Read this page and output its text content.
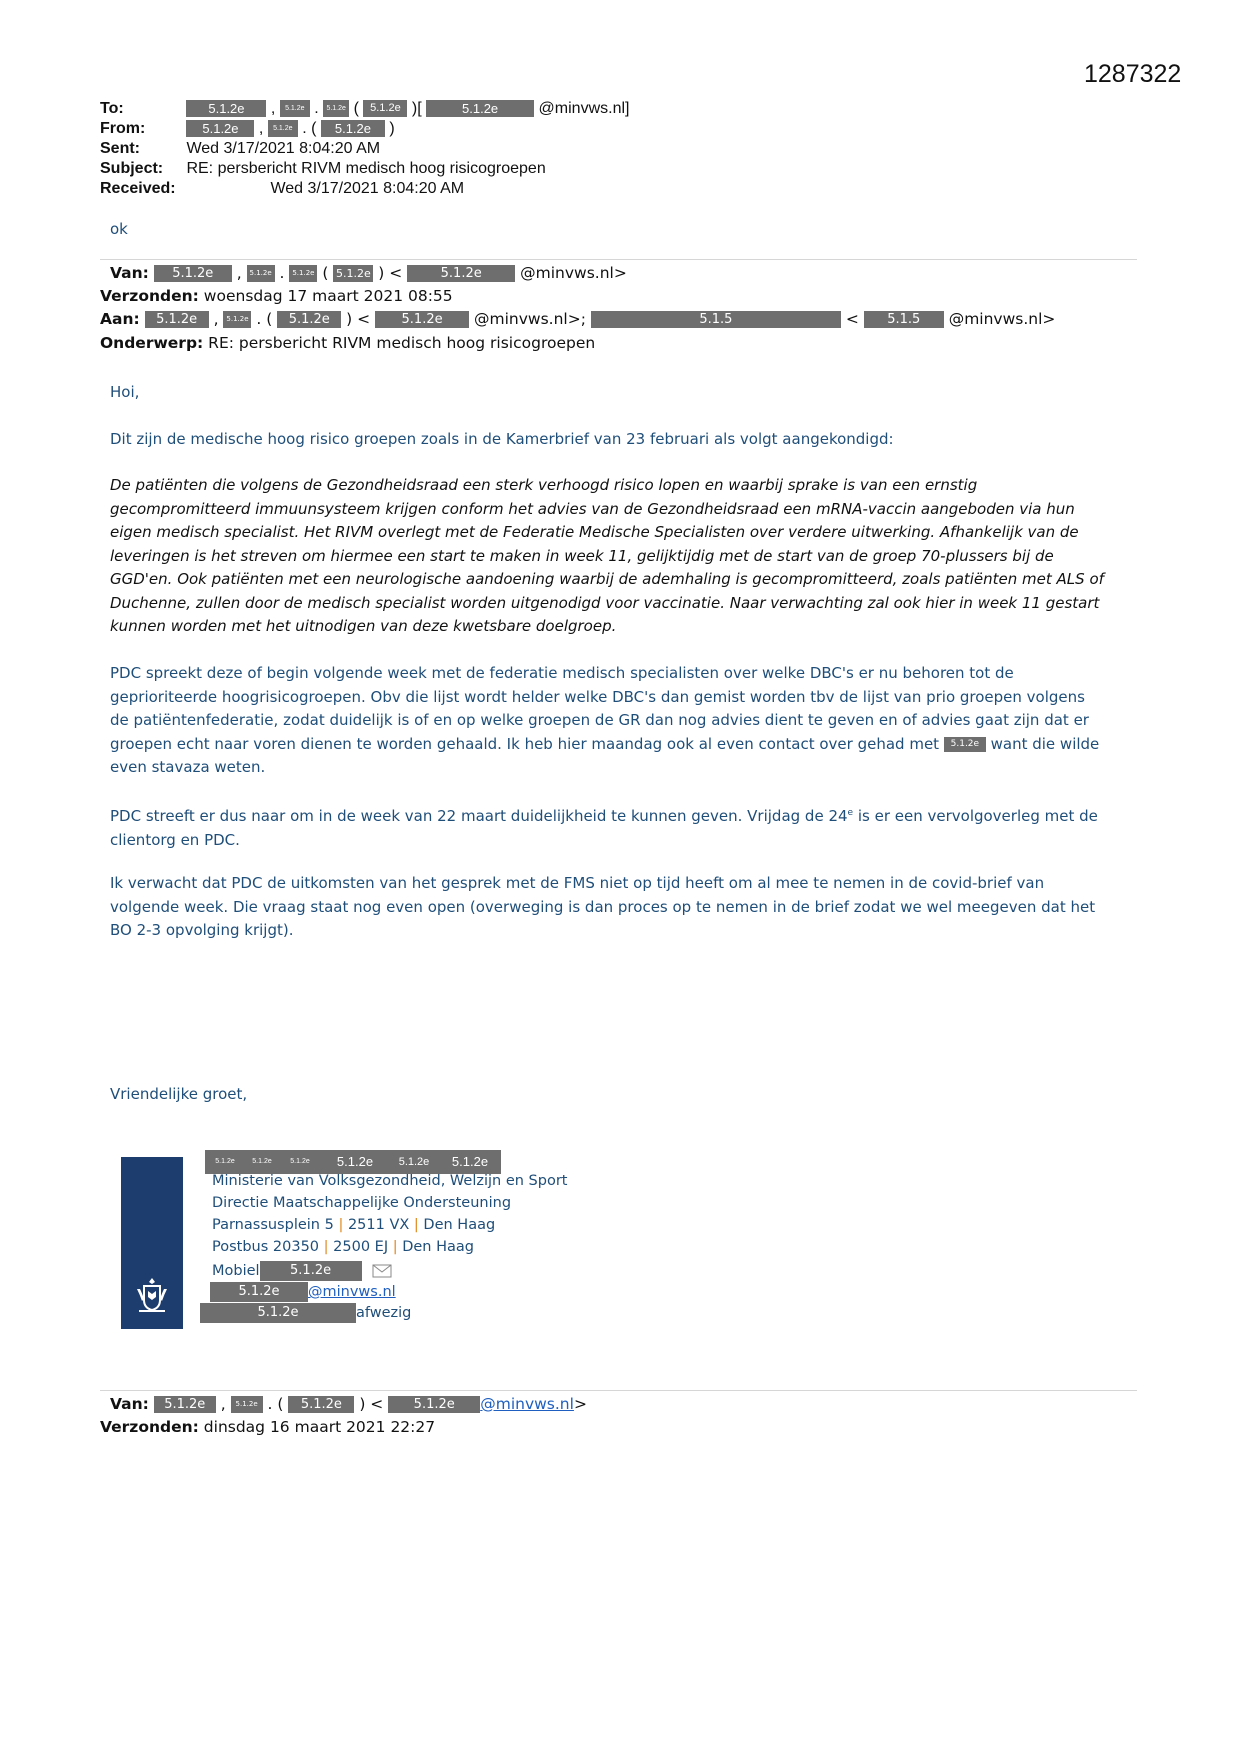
1287322
To:	5.1.2e , 5.1.2e . 5.1.2e ( 5.1.2e )[	5.1.2e	@minvws.nl]
From:	5.1.2e , 5.1.2e . ( 5.1.2e )
Sent:	Wed 3/17/2021 8:04:20 AM
Subject: RE: persbericht RIVM medisch hoog risicogroepen
Received:	Wed 3/17/2021 8:04:20 AM
ok
Van: 5.1.2e , 5.1.2e . 5.1.2e ( 5.1.2e ) <	5.1.2e @minvws.nl>
Verzonden: woensdag 17 maart 2021 08:55
Aan: 5.1.2e , 5.1.2e . ( 5.1.2e ) < 5.1.2e @minvws.nl>;	5.1.5	< 5.1.5 @minvws.nl>
Onderwerp: RE: persbericht RIVM medisch hoog risicogroepen
Hoi,
Dit zijn de medische hoog risico groepen zoals in de Kamerbrief van 23 februari als volgt aangekondigd:
De patiënten die volgens de Gezondheidsraad een sterk verhoogd risico lopen en waarbij sprake is van een ernstig
gecompromitteerd immuunsysteem krijgen conform het advies van de Gezondheidsraad een mRNA-vaccin aangeboden via hun
eigen medisch specialist. Het RIVM overlegt met de Federatie Medische Specialisten over verdere uitwerking. Afhankelijk van de
leveringen is het streven om hiermee een start te maken in week 11, gelijktijdig met de start van de groep 70-plussers bij de
GGD'en. Ook patiënten met een neurologische aandoening waarbij de ademhaling is gecompromitteerd, zoals patiënten met ALS of
Duchenne, zullen door de medisch specialist worden uitgenodigd voor vaccinatie. Naar verwachting zal ook hier in week 11 gestart
kunnen worden met het uitnodigen van deze kwetsbare doelgroep.
PDC spreekt deze of begin volgende week met de federatie medisch specialisten over welke DBC's er nu behoren tot de
geprioriteerde hoogrisicogroepen. Obv die lijst wordt helder welke DBC's dan gemist worden tbv de lijst van prio groepen volgens
de patiëntenfederatie, zodat duidelijk is of en op welke groepen de GR dan nog advies dient te geven en of advies gaat zijn dat er
groepen echt naar voren dienen te worden gehaald. Ik heb hier maandag ook al even contact over gehad met 5.1.2e want die wilde
even stavaza weten.
PDC streeft er dus naar om in de week van 22 maart duidelijkheid te kunnen geven. Vrijdag de 24e is er een vervolgoverleg met de
clientorg en PDC.
Ik verwacht dat PDC de uitkomsten van het gesprek met de FMS niet op tijd heeft om al mee te nemen in de covid-brief van
volgende week. Die vraag staat nog even open (overweging is dan proces op te nemen in de brief zodat we wel meegeven dat het
BO 2-3 opvolging krijgt).
Vriendelijke groet,
5.1.2e	5.1.2e	5.1.2e 5.1.2e 5.1.2e 5.1.2e
Ministerie van Volksgezondheid, Welzijn en Sport
Directie Maatschappelijke Ondersteuning
Parnassusplein 5 | 2511 VX | Den Haag
Postbus 20350 | 2500 EJ | Den Haag
Mobiel 5.1.2e
5.1.2e @minvws.nl
5.1.2e	afwezig
Van: 5.1.2e , 5.1.2e . ( 5.1.2e ) < 5.1.2e @minvws.nl>
Verzonden: dinsdag 16 maart 2021 22:27
